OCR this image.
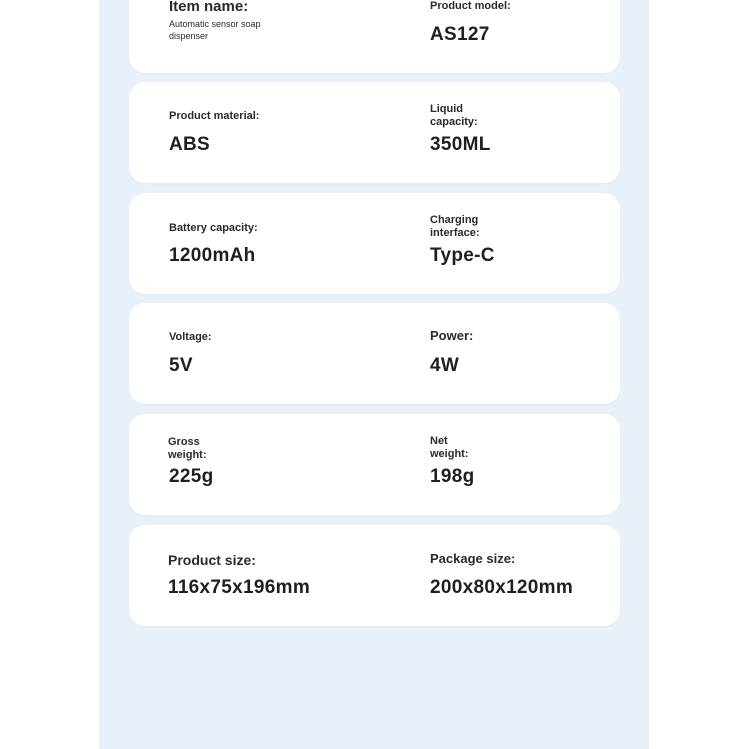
Item name:
Automatic sensor soap
dispenser
Product model:
AS127
Product material:
ABS
Liquid
capacity:
350ML
Battery capacity:
1200mAh
Charging
interface:
Type-C
Voltage:
5V
Power:
4W
Gross
weight:
225g
Net
weight:
198g
Product size:
116x75x196mm
Package size:
200x80x120mm
